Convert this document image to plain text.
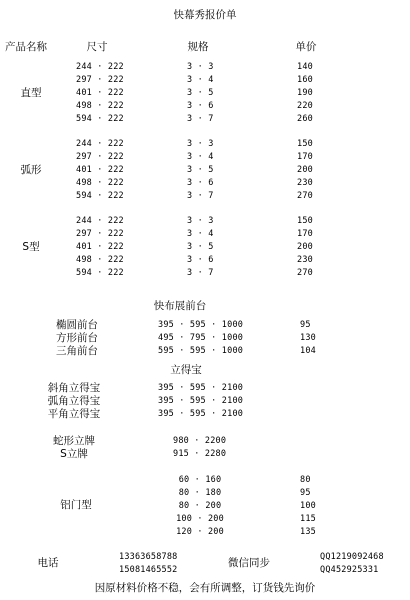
快幕秀报价单
产品名称	尺寸	规格	单价
直型
244 · 222	3 · 3	140
297 · 222	3 · 4	160
401 · 222	3 · 5	190
498 · 222	3 · 6	220
594 · 222	3 · 7	260
弧形
244 · 222	3 · 3	150
297 · 222	3 · 4	170
401 · 222	3 · 5	200
498 · 222	3 · 6	230
594 · 222	3 · 7	270
S型
244 · 222	3 · 3	150
297 · 222	3 · 4	170
401 · 222	3 · 5	200
498 · 222	3 · 6	230
594 · 222	3 · 7	270
快布展前台
椭圆前台	395 · 595 · 1000	95
方形前台	495 · 795 · 1000	130
三角前台	595 · 595 · 1000	104
立得宝
斜角立得宝	395 · 595 · 2100
弧角立得宝	395 · 595 · 2100
平角立得宝	395 · 595 · 2100
蛇形立牌	980 · 2200
S立牌	915 · 2280
铝门型
60 · 160	80
80 · 180	95
80 · 200	100
100 · 200	115
120 · 200	135
电话	13363658788
15081465552
微信同步	QQ1219092468
QQ452925331
因原材料价格不稳，会有所调整，订货钱先询价
